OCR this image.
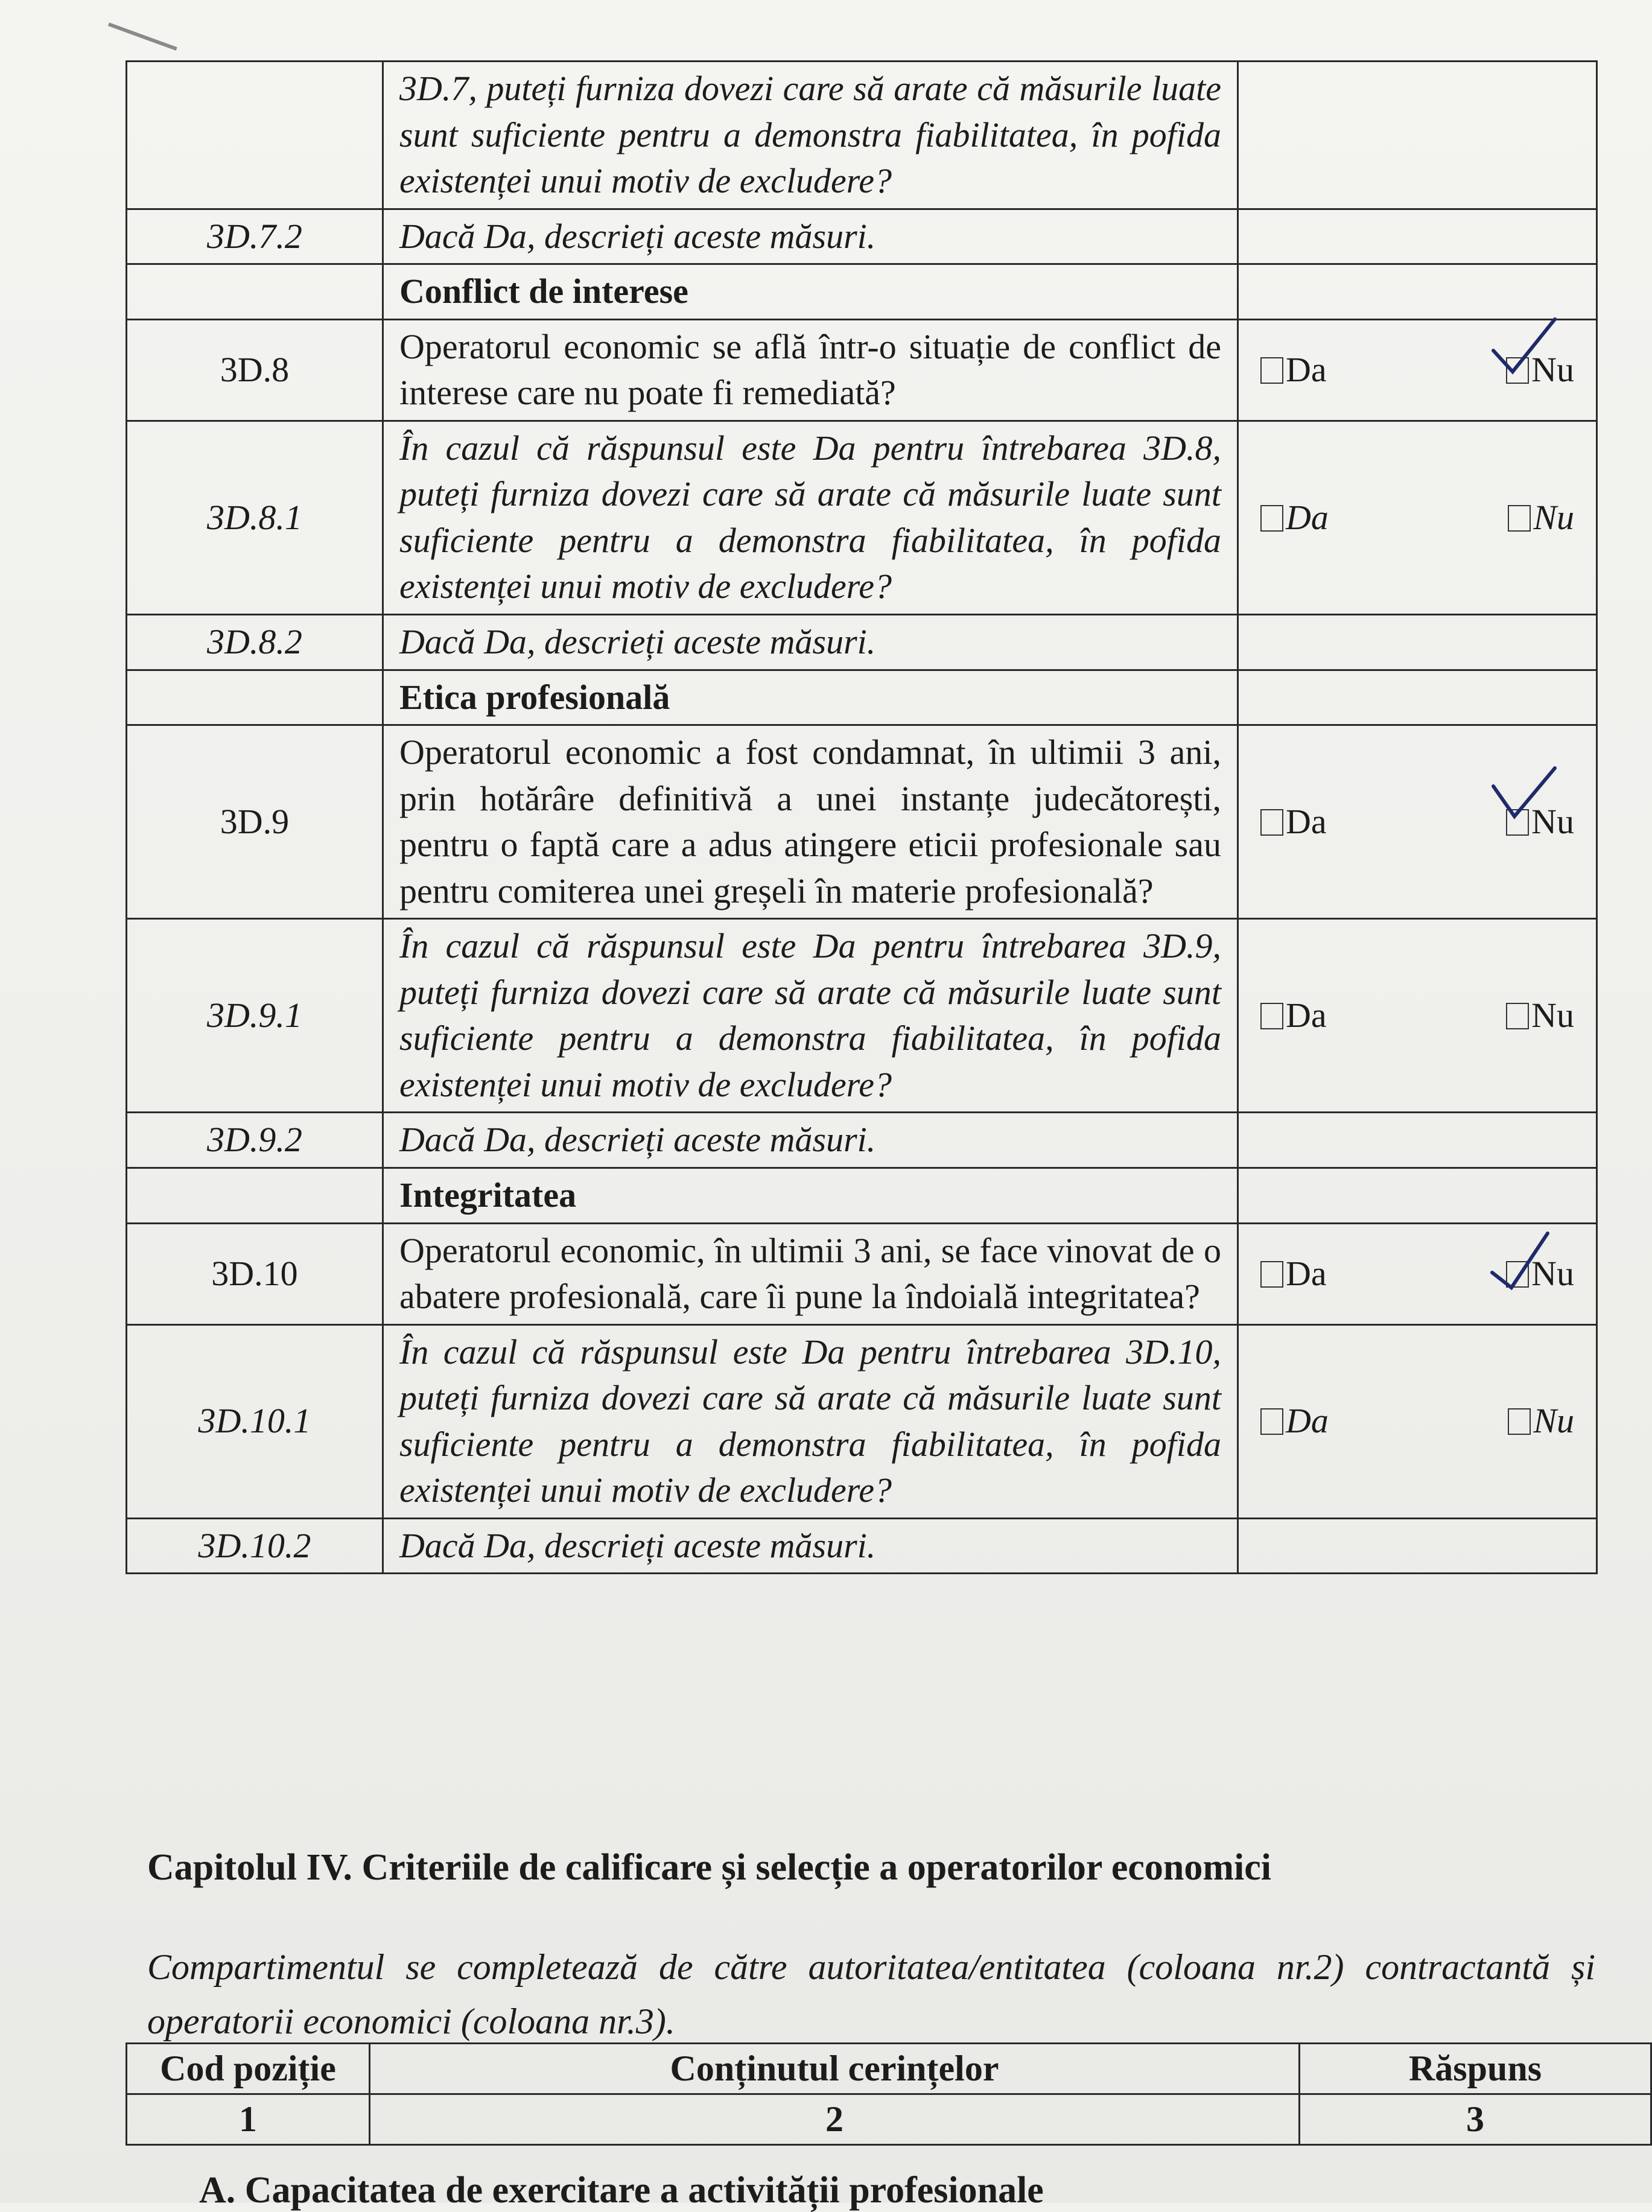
	3D.7, puteți furniza dovezi care să arate că măsurile luate sunt suficiente pentru a demonstra fiabilitatea, în pofida existenței unui motiv de excludere?	
3D.7.2	Dacă Da, descrieți aceste măsuri.	
	Conflict de interese	
3D.8	Operatorul economic se află într-o situație de conflict de interese care nu poate fi remediată?	Da Nu

3D.8.1	În cazul că răspunsul este Da pentru întrebarea 3D.8, puteți furniza dovezi care să arate că măsurile luate sunt suficiente pentru a demonstra fiabilitatea, în pofida existenței unui motiv de excludere?	Da Nu

3D.8.2	Dacă Da, descrieți aceste măsuri.	
	Etica profesională	
3D.9	Operatorul economic a fost condamnat, în ultimii 3 ani, prin hotărâre definitivă a unei instanțe judecătorești, pentru o faptă care a adus atingere eticii profesionale sau pentru comiterea unei greșeli în materie profesională?	Da Nu

3D.9.1	În cazul că răspunsul este Da pentru întrebarea 3D.9, puteți furniza dovezi care să arate că măsurile luate sunt suficiente pentru a demonstra fiabilitatea, în pofida existenței unui motiv de excludere?	Da Nu

3D.9.2	Dacă Da, descrieți aceste măsuri.	
	Integritatea	
3D.10	Operatorul economic, în ultimii 3 ani, se face vinovat de o abatere profesională, care îi pune la îndoială integritatea?	Da Nu

3D.10.1	În cazul că răspunsul este Da pentru întrebarea 3D.10, puteți furniza dovezi care să arate că măsurile luate sunt suficiente pentru a demonstra fiabilitatea, în pofida existenței unui motiv de excludere?	Da Nu

3D.10.2	Dacă Da, descrieți aceste măsuri.	
Capitolul IV. Criteriile de calificare și selecție a operatorilor economici
Compartimentul se completează de către autoritatea/entitatea (coloana nr.2) contractantă și operatorii economici (coloana nr.3).
Cod poziție	Conținutul cerințelor	Răspuns
1	2	3
A. Capacitatea de exercitare a activității profesionale
